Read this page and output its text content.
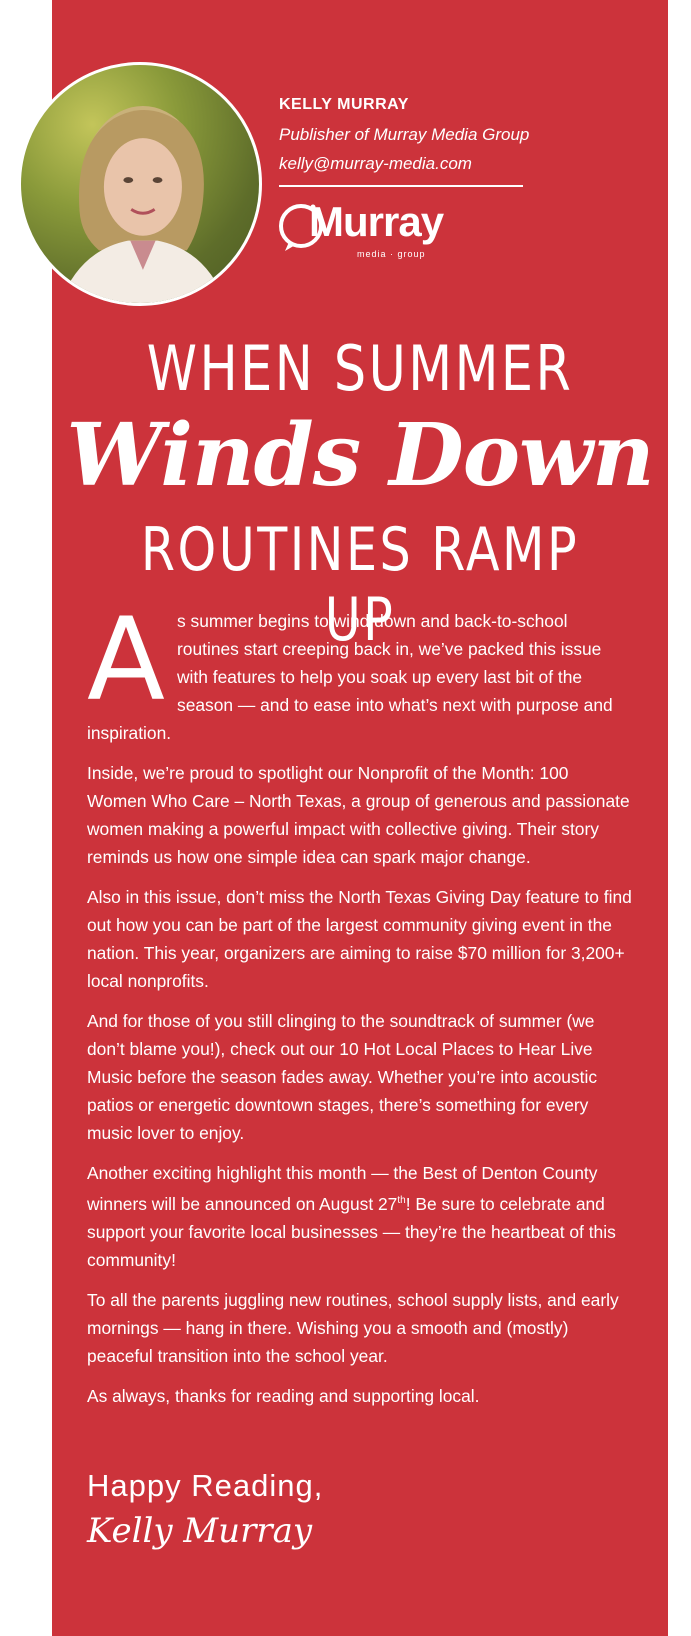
KELLY MURRAY

Publisher of Murray Media Group

kelly@murray-media.com

Murray
media · group
WHEN SUMMER
Winds Down
ROUTINES RAMP UP

As summer begins to wind down and back-to-school routines start creeping back in, we’ve packed this issue with features to help you soak up every last bit of the season — and to ease into what’s next with purpose and inspiration.

Inside, we’re proud to spotlight our Nonprofit of the Month: 100 Women Who Care – North Texas, a group of generous and passionate women making a powerful impact with collective giving. Their story reminds us how one simple idea can spark major change.

Also in this issue, don’t miss the North Texas Giving Day feature to find out how you can be part of the largest community giving event in the nation. This year, organizers are aiming to raise $70 million for 3,200+ local nonprofits.

And for those of you still clinging to the soundtrack of summer (we don’t blame you!), check out our 10 Hot Local Places to Hear Live Music before the season fades away. Whether you’re into acoustic patios or energetic downtown stages, there’s something for every music lover to enjoy.

Another exciting highlight this month — the Best of Denton County winners will be announced on August 27th! Be sure to celebrate and support your favorite local businesses — they’re the heartbeat of this community!

To all the parents juggling new routines, school supply lists, and early mornings — hang in there. Wishing you a smooth and (mostly) peaceful transition into the school year.

As always, thanks for reading and supporting local.

Happy Reading,

Kelly Murray
